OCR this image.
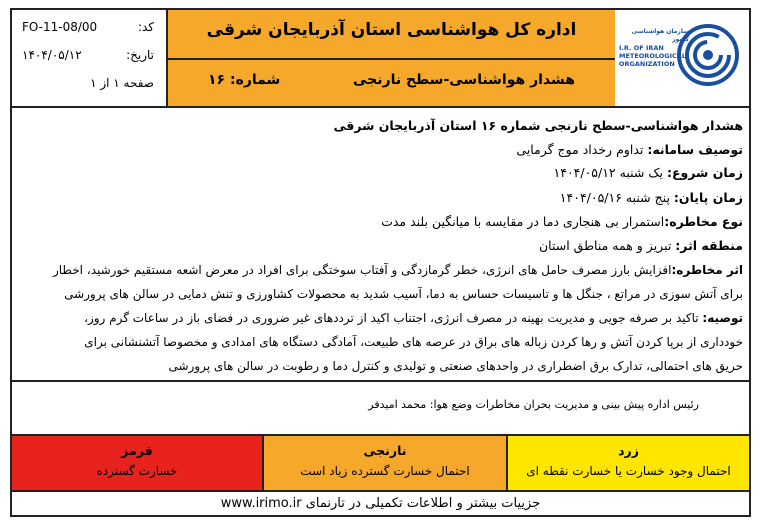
سازمان هواشناسی کشور
I.R. OF IRAN
METEOROLOGICAL
ORGANIZATION
اداره کل هواشناسی استان آذربایجان شرقی
هشدار هواشناسی-سطح نارنجی
شماره: ۱۶
کد:
FO-11-08/00
تاریخ:
۱۴۰۴/۰۵/۱۲
صفحه ۱ از ۱
هشدار هواشناسی-سطح نارنجی شماره ۱۶ استان آذربایجان شرقی
توصیف سامانه: تداوم رخداد موج گرمایی
زمان شروع: یک شنبه ۱۴۰۴/۰۵/۱۲
زمان پایان: پنج شنبه ۱۴۰۴/۰۵/۱۶
نوع مخاطره:استمرار بی هنجاری دما در مقایسه با میانگین بلند مدت
منطقه اثر: تبریز و همه مناطق استان
اثر مخاطره:افزایش بارز مصرف حامل های انرژی، خطر گرمازدگی و آفتاب سوختگی برای افراد در معرض اشعه مستقیم خورشید، اخطار
برای آتش سوزی در مراتع ، جنگل ها و تاسیسات حساس به دما، آسیب شدید به محصولات کشاورزی و تنش دمایی در سالن های پرورشی
توصیه: تاکید بر صرفه جویی و مدیریت بهینه در مصرف انرژی، اجتناب اکید از ترددهای غیر ضروری در فضای باز در ساعات گرم روز،
خودداری از برپا کردن آتش و رها کردن زباله های براق در عرصه های طبیعت، آمادگی دستگاه های امدادی و مخصوصا آتشنشانی برای
حریق های احتمالی، تدارک برق اضطراری در واحدهای صنعتی و تولیدی و کنترل دما و رطوبت در سالن های پرورشی
رئیس اداره پیش بینی و مدیریت بحران مخاطرات وضع هوا: محمد امیدفر
زرد
احتمال وجود خسارت یا خسارت نقطه ای
نارنجی
احتمال خسارت گسترده زیاد است
قرمز
خسارت گسترده
جزییات بیشتر و اطلاعات تکمیلی در تارنمای www.irimo.ir
